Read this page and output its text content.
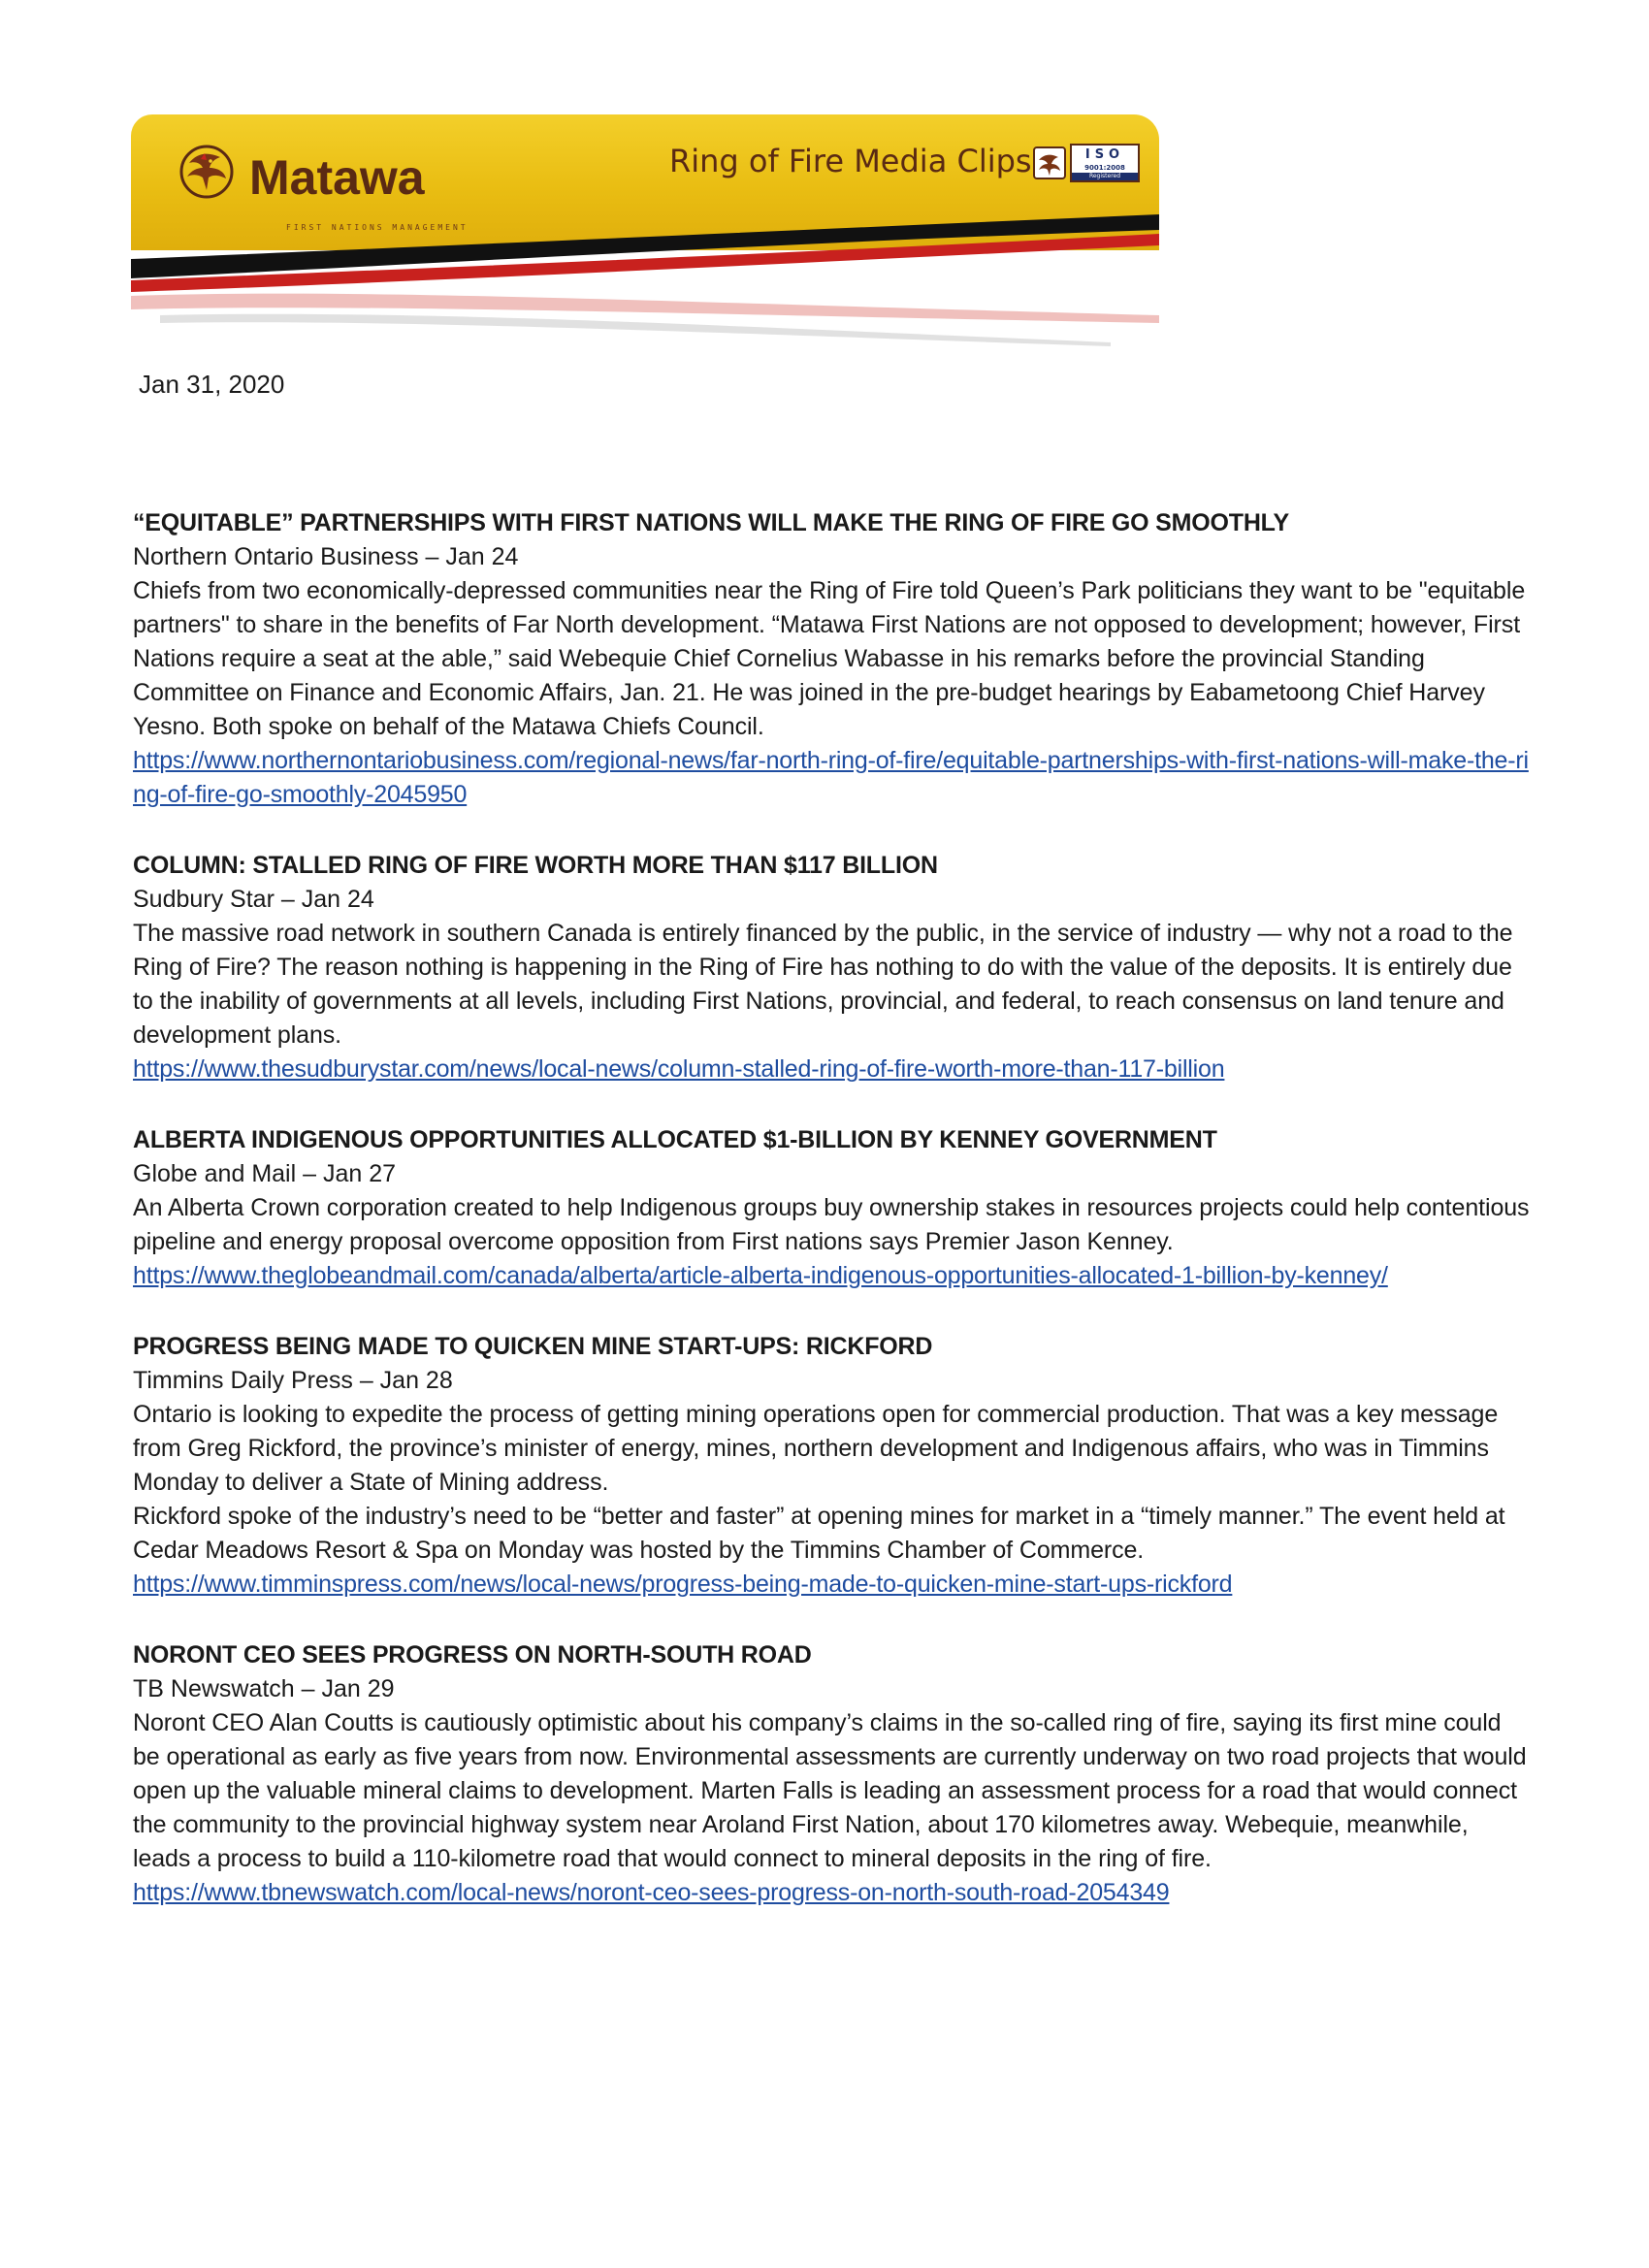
Matawa
FIRST NATIONS MANAGEMENT
Ring of Fire Media Clips	ISO
9001:2008
Registered
Jan 31, 2020
“EQUITABLE” PARTNERSHIPS WITH FIRST NATIONS WILL MAKE THE RING OF FIRE GO SMOOTHLY
Northern Ontario Business – Jan 24

Chiefs from two economically-depressed communities near the Ring of Fire told Queen’s Park politicians they want to be "equitable partners" to share in the benefits of Far North development. “Matawa First Nations are not opposed to development; however, First Nations require a seat at the able,” said Webequie Chief Cornelius Wabasse in his remarks before the provincial Standing Committee on Finance and Economic Affairs, Jan. 21. He was joined in the pre-budget hearings by Eabametoong Chief Harvey Yesno. Both spoke on behalf of the Matawa Chiefs Council.

https://www.northernontariobusiness.com/regional-news/far-north-ring-of-fire/equitable-partnerships-with-first-nations-will-make-the-ring-of-fire-go-smoothly-2045950
COLUMN: STALLED RING OF FIRE WORTH MORE THAN $117 BILLION
Sudbury Star – Jan 24

The massive road network in southern Canada is entirely financed by the public, in the service of industry — why not a road to the Ring of Fire? The reason nothing is happening in the Ring of Fire has nothing to do with the value of the deposits. It is entirely due to the inability of governments at all levels, including First Nations, provincial, and federal, to reach consensus on land tenure and development plans.

https://www.thesudburystar.com/news/local-news/column-stalled-ring-of-fire-worth-more-than-117-billion
ALBERTA INDIGENOUS OPPORTUNITIES ALLOCATED $1-BILLION BY KENNEY GOVERNMENT
Globe and Mail – Jan 27

An Alberta Crown corporation created to help Indigenous groups buy ownership stakes in resources projects could help contentious pipeline and energy proposal overcome opposition from First nations says Premier Jason Kenney.

https://www.theglobeandmail.com/canada/alberta/article-alberta-indigenous-opportunities-allocated-1-billion-by-kenney/
PROGRESS BEING MADE TO QUICKEN MINE START-UPS: RICKFORD
Timmins Daily Press – Jan 28

Ontario is looking to expedite the process of getting mining operations open for commercial production. That was a key message from Greg Rickford, the province’s minister of energy, mines, northern development and Indigenous affairs, who was in Timmins Monday to deliver a State of Mining address.

Rickford spoke of the industry’s need to be “better and faster” at opening mines for market in a “timely manner.” The event held at Cedar Meadows Resort & Spa on Monday was hosted by the Timmins Chamber of Commerce.

https://www.timminspress.com/news/local-news/progress-being-made-to-quicken-mine-start-ups-rickford
NORONT CEO SEES PROGRESS ON NORTH-SOUTH ROAD
TB Newswatch – Jan 29

Noront CEO Alan Coutts is cautiously optimistic about his company’s claims in the so-called ring of fire, saying its first mine could be operational as early as five years from now. Environmental assessments are currently underway on two road projects that would open up the valuable mineral claims to development. Marten Falls is leading an assessment process for a road that would connect the community to the provincial highway system near Aroland First Nation, about 170 kilometres away. Webequie, meanwhile, leads a process to build a 110-kilometre road that would connect to mineral deposits in the ring of fire.

https://www.tbnewswatch.com/local-news/noront-ceo-sees-progress-on-north-south-road-2054349
